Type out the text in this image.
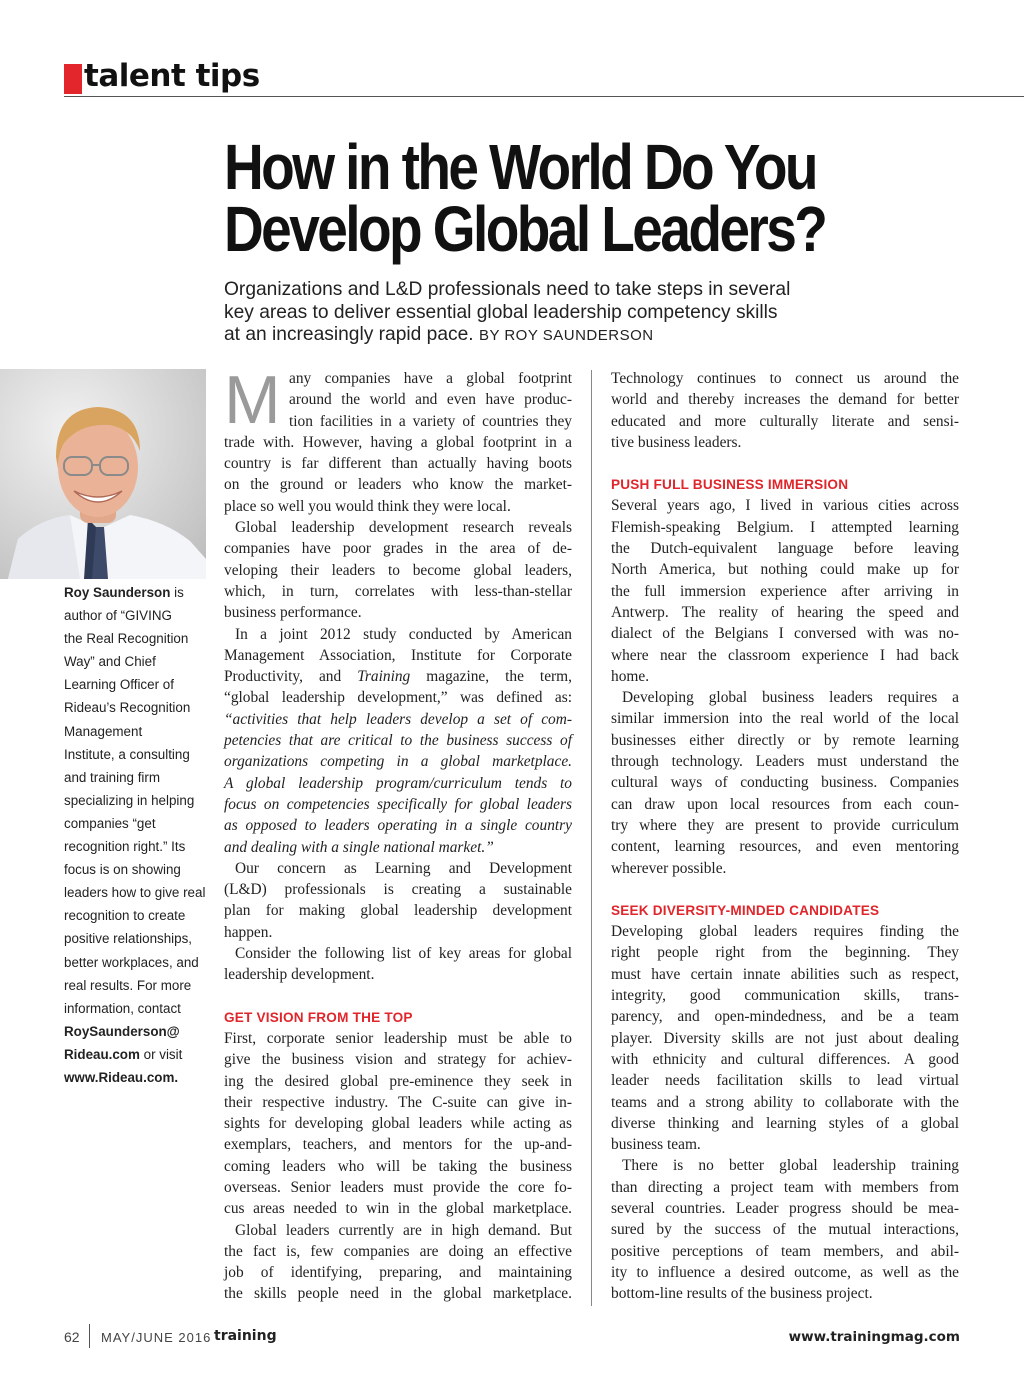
talent tips
How in the World Do You
Develop Global Leaders?
Organizations and L&D professionals need to take steps in several
key areas to deliver essential global leadership competency skills
at an increasingly rapid pace. BY ROY SAUNDERSON
Roy Saunderson is
author of “GIVING
the Real Recognition
Way” and Chief
Learning Officer of
Rideau’s Recognition
Management
Institute, a consulting
and training firm
specializing in helping
companies “get
recognition right.” Its
focus is on showing
leaders how to give real
recognition to create
positive relationships,
better workplaces, and
real results. For more
information, contact
RoySaunderson@
Rideau.com or visit
www.Rideau.com.
M any companies have a global footprint
around the world and even have produc-
tion facilities in a variety of countries they
trade with. However, having a global footprint in a
country is far different than actually having boots
on the ground or leaders who know the market-
place so well you would think they were local.
Global leadership development research reveals
companies have poor grades in the area of de-
veloping their leaders to become global leaders,
which, in turn, correlates with less-than-stellar
business performance.
In a joint 2012 study conducted by American
Management Association, Institute for Corporate
Productivity, and Training magazine, the term,
“global leadership development,” was defined as:
“activities that help leaders develop a set of com-
petencies that are critical to the business success of
organizations competing in a global marketplace.
A global leadership program/curriculum tends to
focus on competencies specifically for global leaders
as opposed to leaders operating in a single country
and dealing with a single national market.”
Our concern as Learning and Development
(L&D) professionals is creating a sustainable
plan for making global leadership development
happen.
Consider the following list of key areas for global
leadership development.
GET VISION FROM THE TOP
First, corporate senior leadership must be able to
give the business vision and strategy for achiev-
ing the desired global pre-eminence they seek in
their respective industry. The C-suite can give in-
sights for developing global leaders while acting as
exemplars, teachers, and mentors for the up-and-
coming leaders who will be taking the business
overseas. Senior leaders must provide the core fo-
cus areas needed to win in the global marketplace.
Global leaders currently are in high demand. But
the fact is, few companies are doing an effective
job of identifying, preparing, and maintaining
the skills people need in the global marketplace.
Technology continues to connect us around the
world and thereby increases the demand for better
educated and more culturally literate and sensi-
tive business leaders.
PUSH FULL BUSINESS IMMERSION
Several years ago, I lived in various cities across
Flemish-speaking Belgium. I attempted learning
the Dutch-equivalent language before leaving
North America, but nothing could make up for
the full immersion experience after arriving in
Antwerp. The reality of hearing the speed and
dialect of the Belgians I conversed with was no-
where near the classroom experience I had back
home.
Developing global business leaders requires a
similar immersion into the real world of the local
businesses either directly or by remote learning
through technology. Leaders must understand the
cultural ways of conducting business. Companies
can draw upon local resources from each coun-
try where they are present to provide curriculum
content, learning resources, and even mentoring
wherever possible.
SEEK DIVERSITY-MINDED CANDIDATES
Developing global leaders requires finding the
right people right from the beginning. They
must have certain innate abilities such as respect,
integrity, good communication skills, trans-
parency, and open-mindedness, and be a team
player. Diversity skills are not just about dealing
with ethnicity and cultural differences. A good
leader needs facilitation skills to lead virtual
teams and a strong ability to collaborate with the
diverse thinking and learning styles of a global
business team.
There is no better global leadership training
than directing a project team with members from
several countries. Leader progress should be mea-
sured by the success of the mutual interactions,
positive perceptions of team members, and abil-
ity to influence a desired outcome, as well as the
bottom-line results of the business project.
62 MAY/JUNE 2016 training	www.trainingmag.com
